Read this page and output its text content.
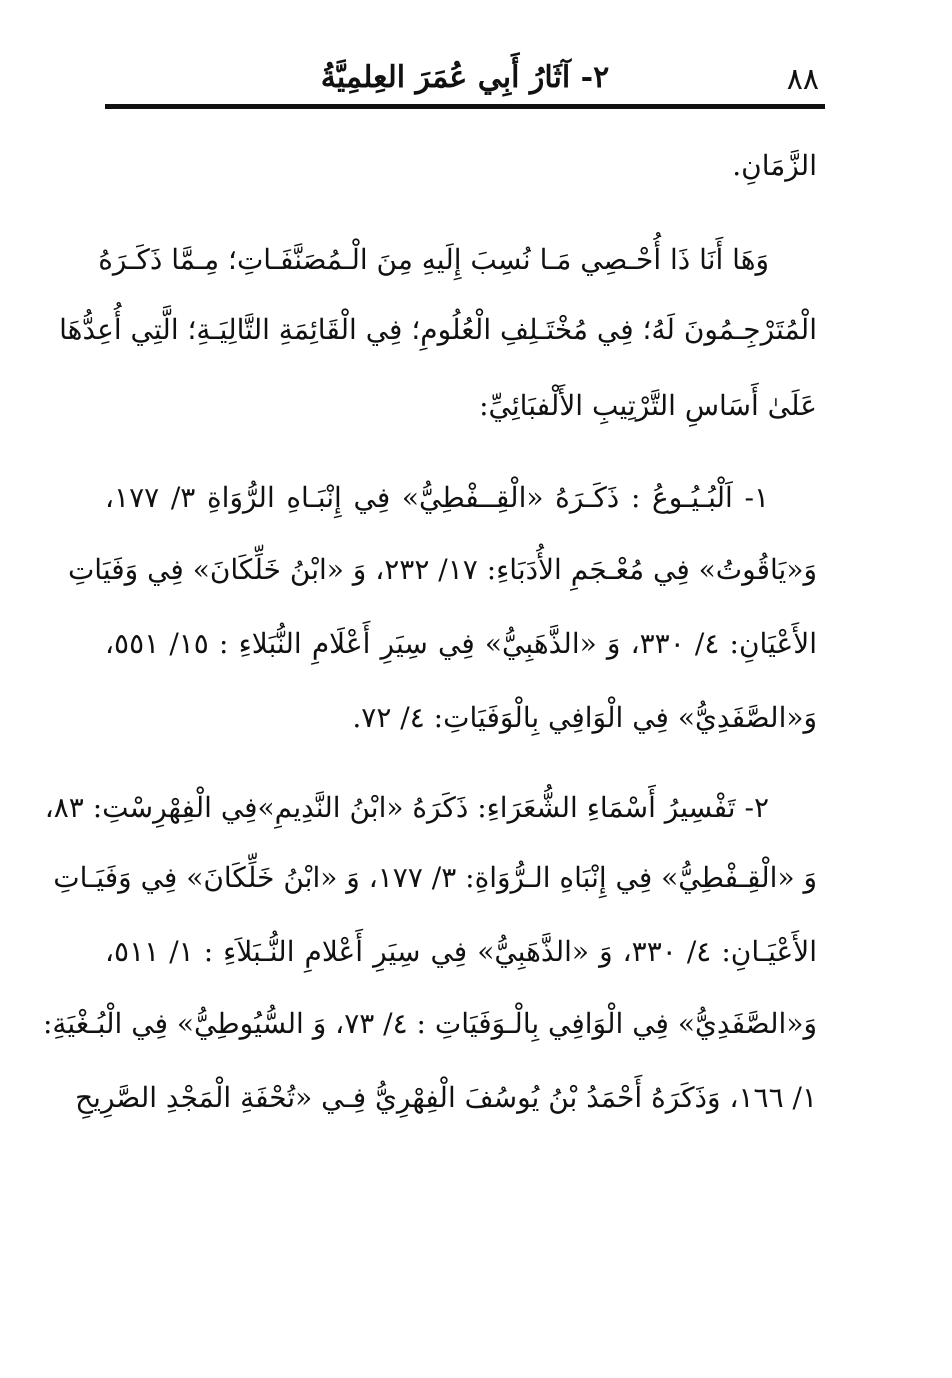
٨٨
٢- آثَارُ أَبِي عُمَرَ العِلمِيَّةُ
الزَّمَانِ.
وَهَا أَنَا ذَا أُحْـصِي مَـا نُسِبَ إِلَيهِ مِنَ الْـمُصَنَّفَـاتِ؛ مِـمَّا ذَكَـرَهُ
الْمُتَرْجِـمُونَ لَهُ؛ فِي مُخْتَـلِفِ الْعُلُومِ؛ فِي الْقَائِمَةِ التَّالِيَـةِ؛ الَّتِي أُعِدُّهَا
عَلَىٰ أَسَاسِ التَّرْتِيبِ الأَلْفبَائِيِّ:
١- اَلْبُـيُـوعُ : ذَكَـرَهُ «الْقِــفْطِيُّ» فِي إِنْبَـاهِ الرُّوَاةِ ٣/ ١٧٧،
وَ«يَاقُوتُ» فِي مُعْـجَمِ الأُدَبَاءِ: ١٧/ ٢٣٢، وَ «ابْنُ خَلِّكَانَ» فِي وَفَيَاتِ
الأَعْيَانِ: ٤/ ٣٣٠، وَ «الذَّهَبِيُّ» فِي سِيَرِ أَعْلَامِ النُّبَلاءِ : ١٥/ ٥٥١،
وَ«الصَّفَدِيُّ» فِي الْوَافِي بِالْوَفَيَاتِ: ٤/ ٧٢.
٢- تَفْسِيرُ أَسْمَاءِ الشُّعَرَاءِ: ذَكَرَهُ «ابْنُ النَّدِيمِ»فِي الْفِهْرِسْتِ: ٨٣،
وَ «الْقِـفْطِيُّ» فِي إِنْبَاهِ الـرُّوَاةِ: ٣/ ١٧٧، وَ «ابْنُ خَلِّكَانَ» فِي وَفَيَـاتِ
الأَعْيَـانِ: ٤/ ٣٣٠، وَ «الذَّهَبِيُّ» فِي سِيَرِ أَعْلامِ النُّـبَلاَءِ : ١/ ٥١١،
وَ«الصَّفَدِيُّ» فِي الْوَافِي بِالْـوَفَيَاتِ : ٤/ ٧٣، وَ السُّيُوطِيُّ» فِي الْبُـغْيَةِ:
١/ ١٦٦، وَذَكَرَهُ أَحْمَدُ بْنُ يُوسُفَ الْفِهْرِيُّ فِـي «تُحْفَةِ الْمَجْدِ الصَّرِيحِ
